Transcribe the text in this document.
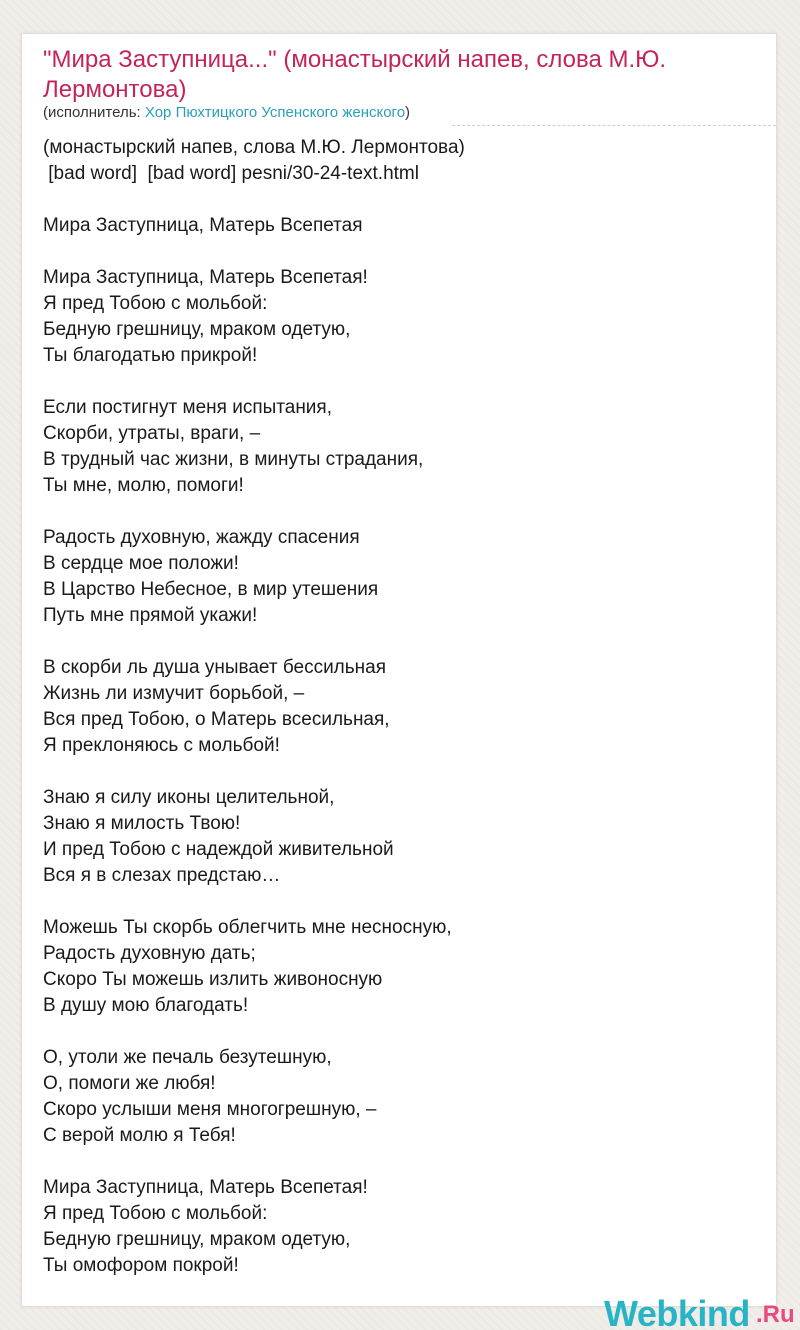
"Мира Заступница..." (монастырский напев, слова М.Ю. Лермонтова)
(исполнитель: Хор Пюхтицкого Успенского женского)
(монастырский напев, слова М.Ю. Лермонтова)
[bad word]  [bad word] pesni/30-24-text.html

Мира Заступница, Матерь Всепетая

Мира Заступница, Матерь Всепетая!
Я пред Тобою с мольбой:
Бедную грешницу, мраком одетую,
Ты благодатью прикрой!

Если постигнут меня испытания,
Скорби, утраты, враги, –
В трудный час жизни, в минуты страдания,
Ты мне, молю, помоги!

Радость духовную, жажду спасения
В сердце мое положи!
В Царство Небесное, в мир утешения
Путь мне прямой укажи!

В скорби ль душа унывает бессильная
Жизнь ли измучит борьбой, –
Вся пред Тобою, о Матерь всесильная,
Я преклоняюсь с мольбой!

Знаю я силу иконы целительной,
Знаю я милость Твою!
И пред Тобою с надеждой живительной
Вся я в слезах предстаю…

Можешь Ты скорбь облегчить мне несносную,
Радость духовную дать;
Скоро Ты можешь излить живоносную
В душу мою благодать!

О, утоли же печаль безутешную,
О, помоги же любя!
Скоро услыши меня многогрешную, –
С верой молю я Тебя!

Мира Заступница, Матерь Всепетая!
Я пред Тобою с мольбой:
Бедную грешницу, мраком одетую,
Ты омофором покрой!
Webkind .Ru
